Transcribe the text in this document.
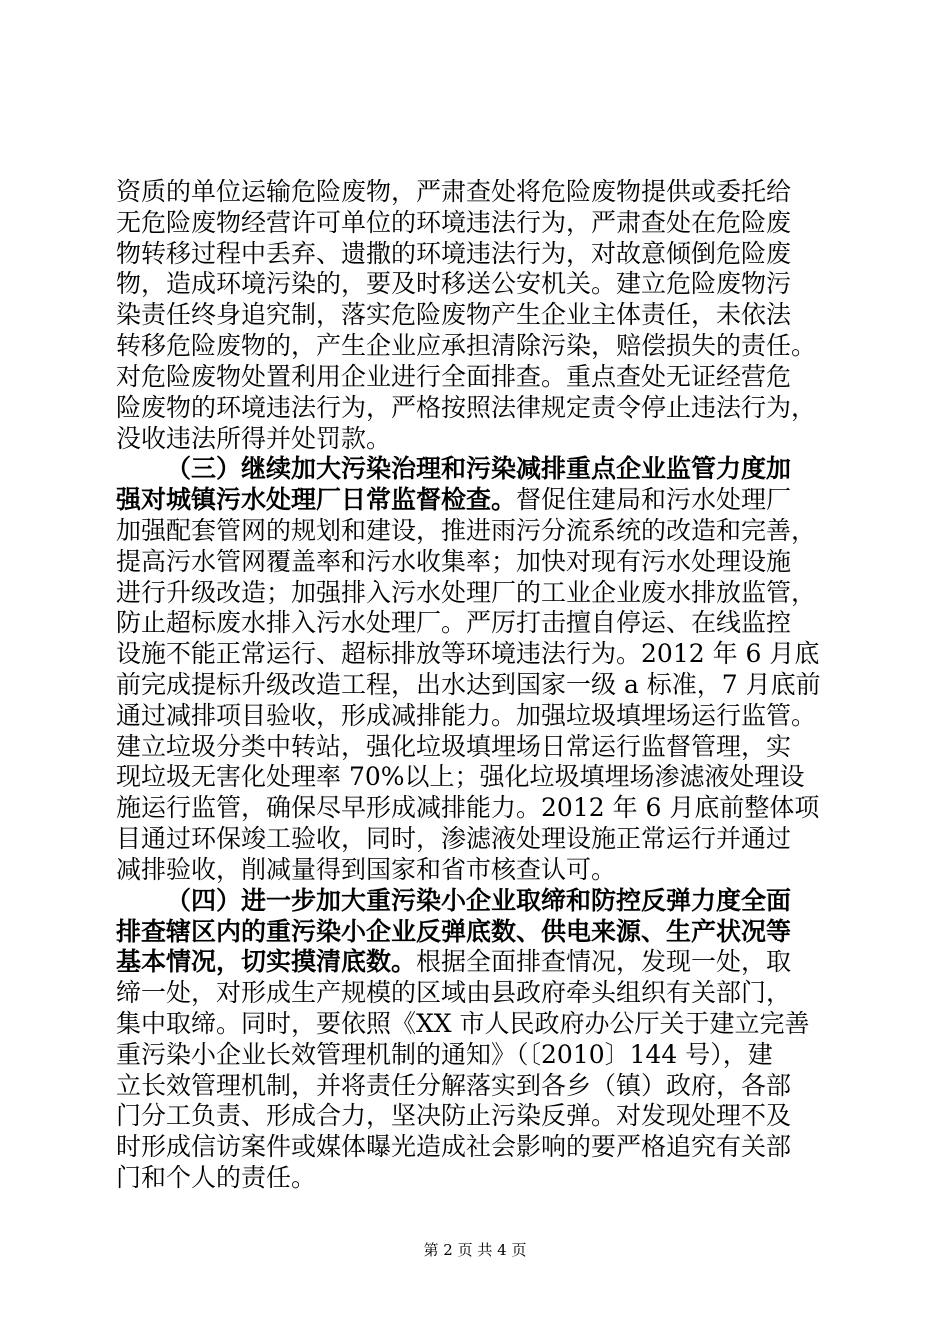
资质的单位运输危险废物，严肃查处将危险废物提供或委托给
无危险废物经营许可单位的环境违法行为，严肃查处在危险废
物转移过程中丢弃、遗撒的环境违法行为，对故意倾倒危险废
物，造成环境污染的，要及时移送公安机关。建立危险废物污
染责任终身追究制，落实危险废物产生企业主体责任，未依法
转移危险废物的，产生企业应承担清除污染，赔偿损失的责任。
对危险废物处置利用企业进行全面排查。重点查处无证经营危
险废物的环境违法行为，严格按照法律规定责令停止违法行为，
没收违法所得并处罚款。
（三）继续加大污染治理和污染减排重点企业监管力度加
强对城镇污水处理厂日常监督检查。督促住建局和污水处理厂
加强配套管网的规划和建设，推进雨污分流系统的改造和完善，
提高污水管网覆盖率和污水收集率；加快对现有污水处理设施
进行升级改造；加强排入污水处理厂的工业企业废水排放监管，
防止超标废水排入污水处理厂。严厉打击擅自停运、在线监控
设施不能正常运行、超标排放等环境违法行为。2012 年 6 月底
前完成提标升级改造工程，出水达到国家一级 a 标准，7 月底前
通过减排项目验收，形成减排能力。加强垃圾填埋场运行监管。
建立垃圾分类中转站，强化垃圾填埋场日常运行监督管理，实
现垃圾无害化处理率 70%以上；强化垃圾填埋场渗滤液处理设
施运行监管，确保尽早形成减排能力。2012 年 6 月底前整体项
目通过环保竣工验收，同时，渗滤液处理设施正常运行并通过
减排验收，削减量得到国家和省市核查认可。
（四）进一步加大重污染小企业取缔和防控反弹力度全面
排查辖区内的重污染小企业反弹底数、供电来源、生产状况等
基本情况，切实摸清底数。根据全面排查情况，发现一处，取
缔一处，对形成生产规模的区域由县政府牵头组织有关部门，
集中取缔。同时，要依照《XX 市人民政府办公厅关于建立完善
重污染小企业长效管理机制的通知》（〔2010〕144 号），建
立长效管理机制，并将责任分解落实到各乡（镇）政府，各部
门分工负责、形成合力，坚决防止污染反弹。对发现处理不及
时形成信访案件或媒体曝光造成社会影响的要严格追究有关部
门和个人的责任。
第 2 页 共 4 页
